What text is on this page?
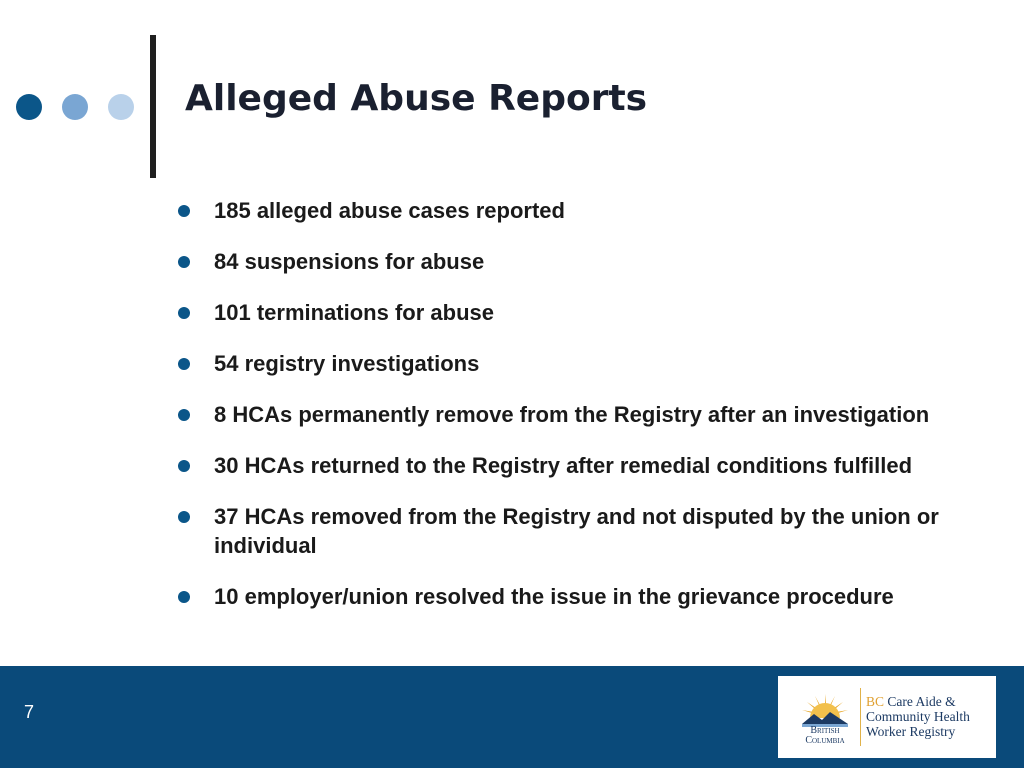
Alleged Abuse Reports
185 alleged abuse cases reported
84 suspensions for abuse
101 terminations for abuse
54 registry investigations
8 HCAs permanently remove from the Registry after an investigation
30 HCAs returned to the Registry after remedial conditions fulfilled
37 HCAs removed from the Registry and not disputed by the union or individual
10 employer/union resolved the issue in the grievance procedure
7
British
Columbia
BC Care Aide &
Community Health
Worker Registry
